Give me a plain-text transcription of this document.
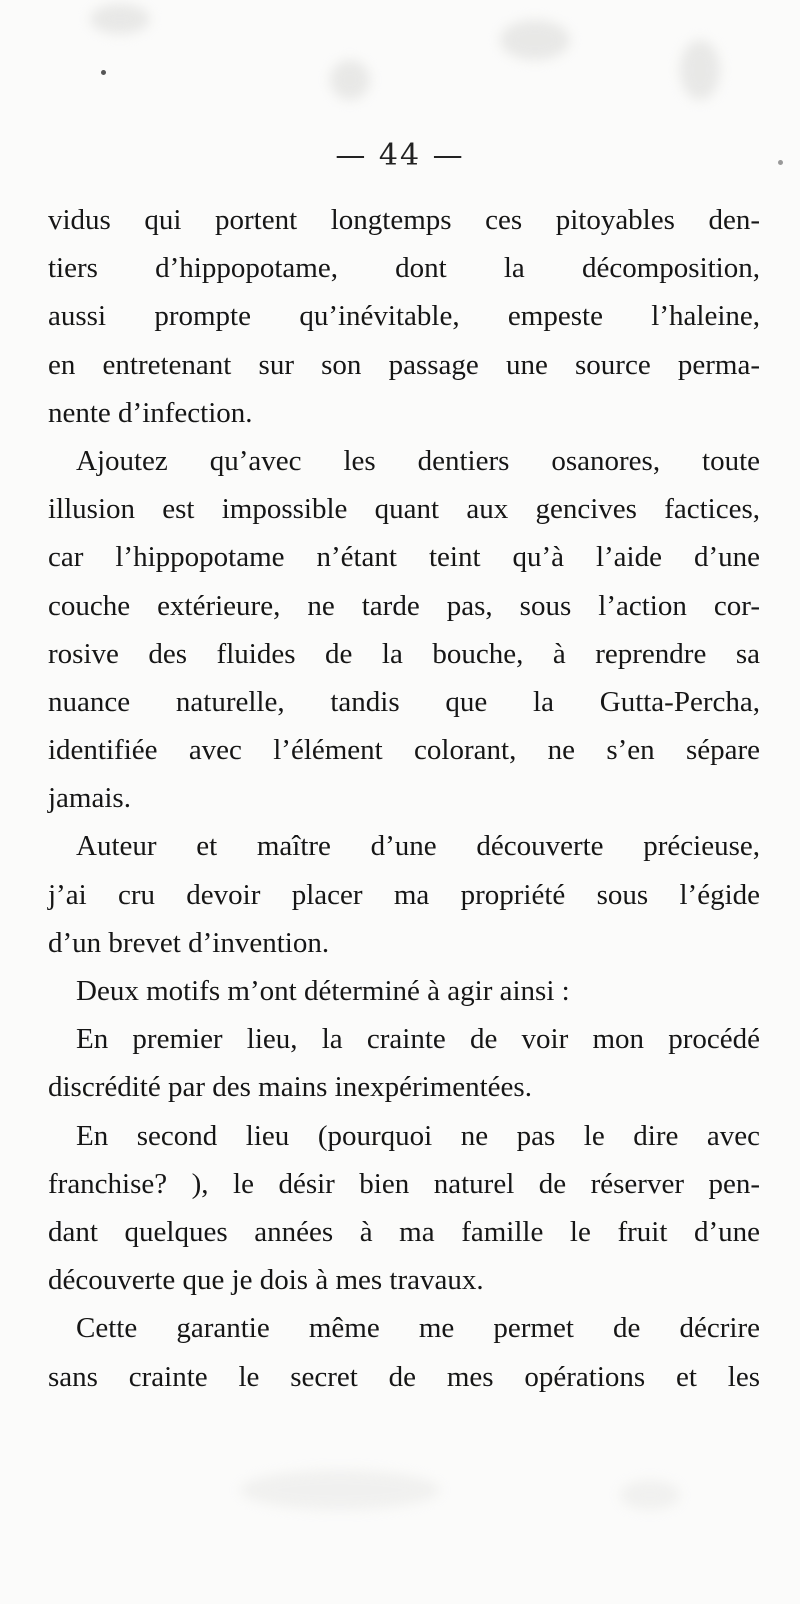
— 44 —
vidus qui portent longtemps ces pitoyables den-
tiers d’hippopotame, dont la décomposition,
aussi prompte qu’inévitable, empeste l’haleine,
en entretenant sur son passage une source perma-
nente d’infection.
Ajoutez qu’avec les dentiers osanores, toute
illusion est impossible quant aux gencives factices,
car l’hippopotame n’étant teint qu’à l’aide d’une
couche extérieure, ne tarde pas, sous l’action cor-
rosive des fluides de la bouche, à reprendre sa
nuance naturelle, tandis que la Gutta-Percha,
identifiée avec l’élément colorant, ne s’en sépare
jamais.
Auteur et maître d’une découverte précieuse,
j’ai cru devoir placer ma propriété sous l’égide
d’un brevet d’invention.
Deux motifs m’ont déterminé à agir ainsi :
En premier lieu, la crainte de voir mon procédé
discrédité par des mains inexpérimentées.
En second lieu (pourquoi ne pas le dire avec
franchise? ), le désir bien naturel de réserver pen-
dant quelques années à ma famille le fruit d’une
découverte que je dois à mes travaux.
Cette garantie même me permet de décrire
sans crainte le secret de mes opérations et les
